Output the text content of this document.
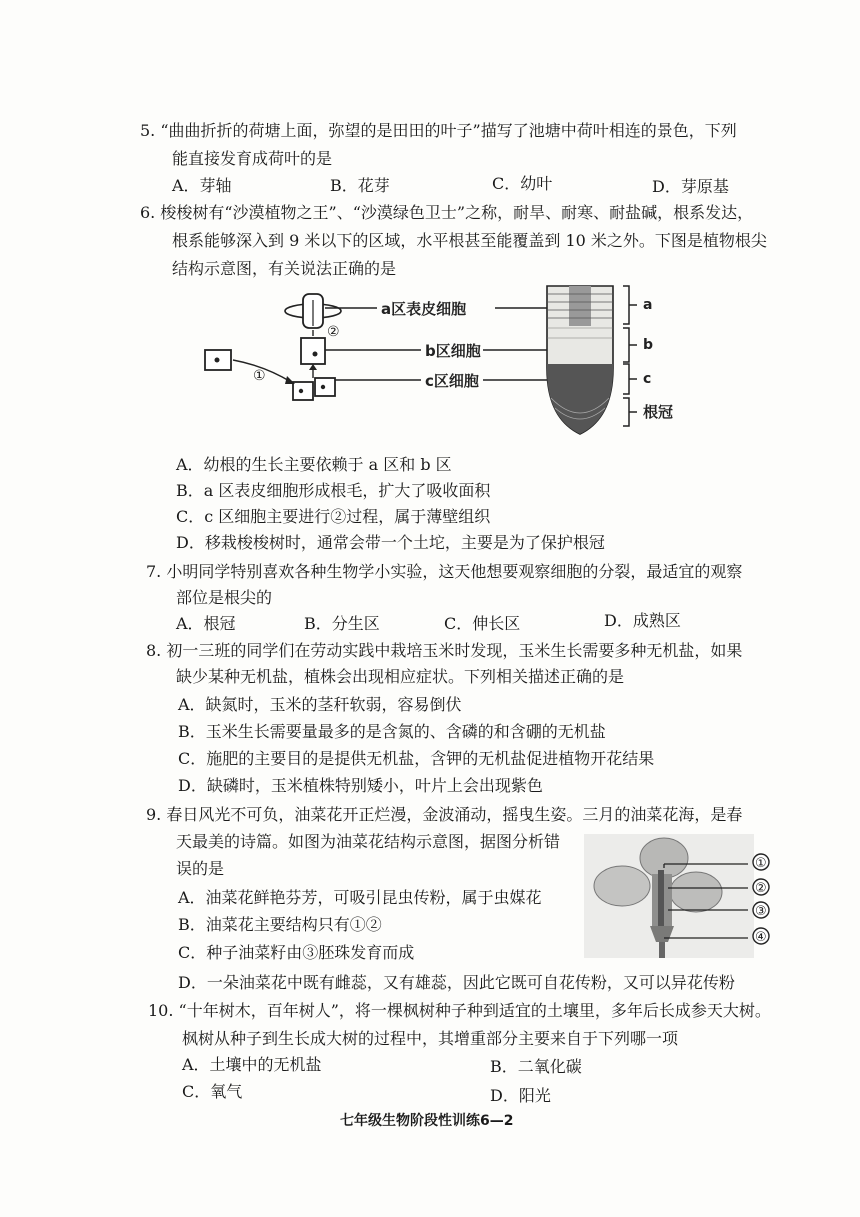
5. “曲曲折折的荷塘上面，弥望的是田田的叶子”描写了池塘中荷叶相连的景色，下列
能直接发育成荷叶的是
A．芽轴	B．花芽	C．幼叶	D．芽原基
6. 梭梭树有“沙漠植物之王”、“沙漠绿色卫士”之称，耐旱、耐寒、耐盐碱，根系发达，
根系能够深入到 9 米以下的区域，水平根甚至能覆盖到 10 米之外。下图是植物根尖
结构示意图，有关说法正确的是
②
①
a区表皮细胞
b区细胞
c区细胞
a
b
c
根冠
A．幼根的生长主要依赖于 a 区和 b 区
B．a 区表皮细胞形成根毛，扩大了吸收面积
C．c 区细胞主要进行②过程，属于薄壁组织
D．移栽梭梭树时，通常会带一个土坨，主要是为了保护根冠
7. 小明同学特别喜欢各种生物学小实验，这天他想要观察细胞的分裂，最适宜的观察
部位是根尖的
A．根冠	B．分生区	C．伸长区	D．成熟区
8. 初一三班的同学们在劳动实践中栽培玉米时发现，玉米生长需要多种无机盐，如果
缺少某种无机盐，植株会出现相应症状。下列相关描述正确的是
A．缺氮时，玉米的茎秆软弱，容易倒伏
B．玉米生长需要量最多的是含氮的、含磷的和含硼的无机盐
C．施肥的主要目的是提供无机盐，含钾的无机盐促进植物开花结果
D．缺磷时，玉米植株特别矮小，叶片上会出现紫色
9. 春日风光不可负，油菜花开正烂漫，金波涌动，摇曳生姿。三月的油菜花海，是春
天最美的诗篇。如图为油菜花结构示意图，据图分析错
误的是	①
②
③
④
A．油菜花鲜艳芬芳，可吸引昆虫传粉，属于虫媒花
B．油菜花主要结构只有①②
C．种子油菜籽由③胚珠发育而成
D．一朵油菜花中既有雌蕊，又有雄蕊，因此它既可自花传粉，又可以异花传粉
10. “十年树木，百年树人”，将一棵枫树种子种到适宜的土壤里，多年后长成参天大树。
枫树从种子到生长成大树的过程中，其增重部分主要来自于下列哪一项
A．土壤中的无机盐	B．二氧化碳
C．氧气	D．阳光
七年级生物阶段性训练6—2
